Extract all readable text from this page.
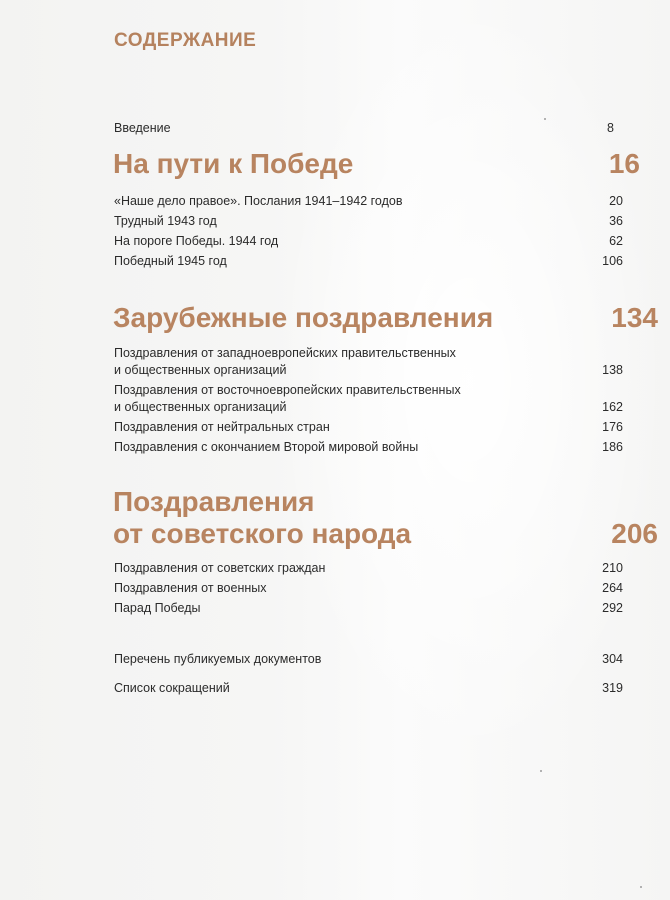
СОДЕРЖАНИЕ
Введение	8
На пути к Победе	16
«Наше дело правое». Послания 1941–1942 годов	20
Трудный 1943 год	36
На пороге Победы. 1944 год	62
Победный 1945 год	106
Зарубежные поздравления	134
Поздравления от западноевропейских правительственных
и общественных организаций	138
Поздравления от восточноевропейских правительственных
и общественных организаций	162
Поздравления от нейтральных стран	176
Поздравления с окончанием Второй мировой войны	186
Поздравления
от советского народа	206
Поздравления от советских граждан	210
Поздравления от военных	264
Парад Победы	292
Перечень публикуемых документов	304
Список сокращений	319
